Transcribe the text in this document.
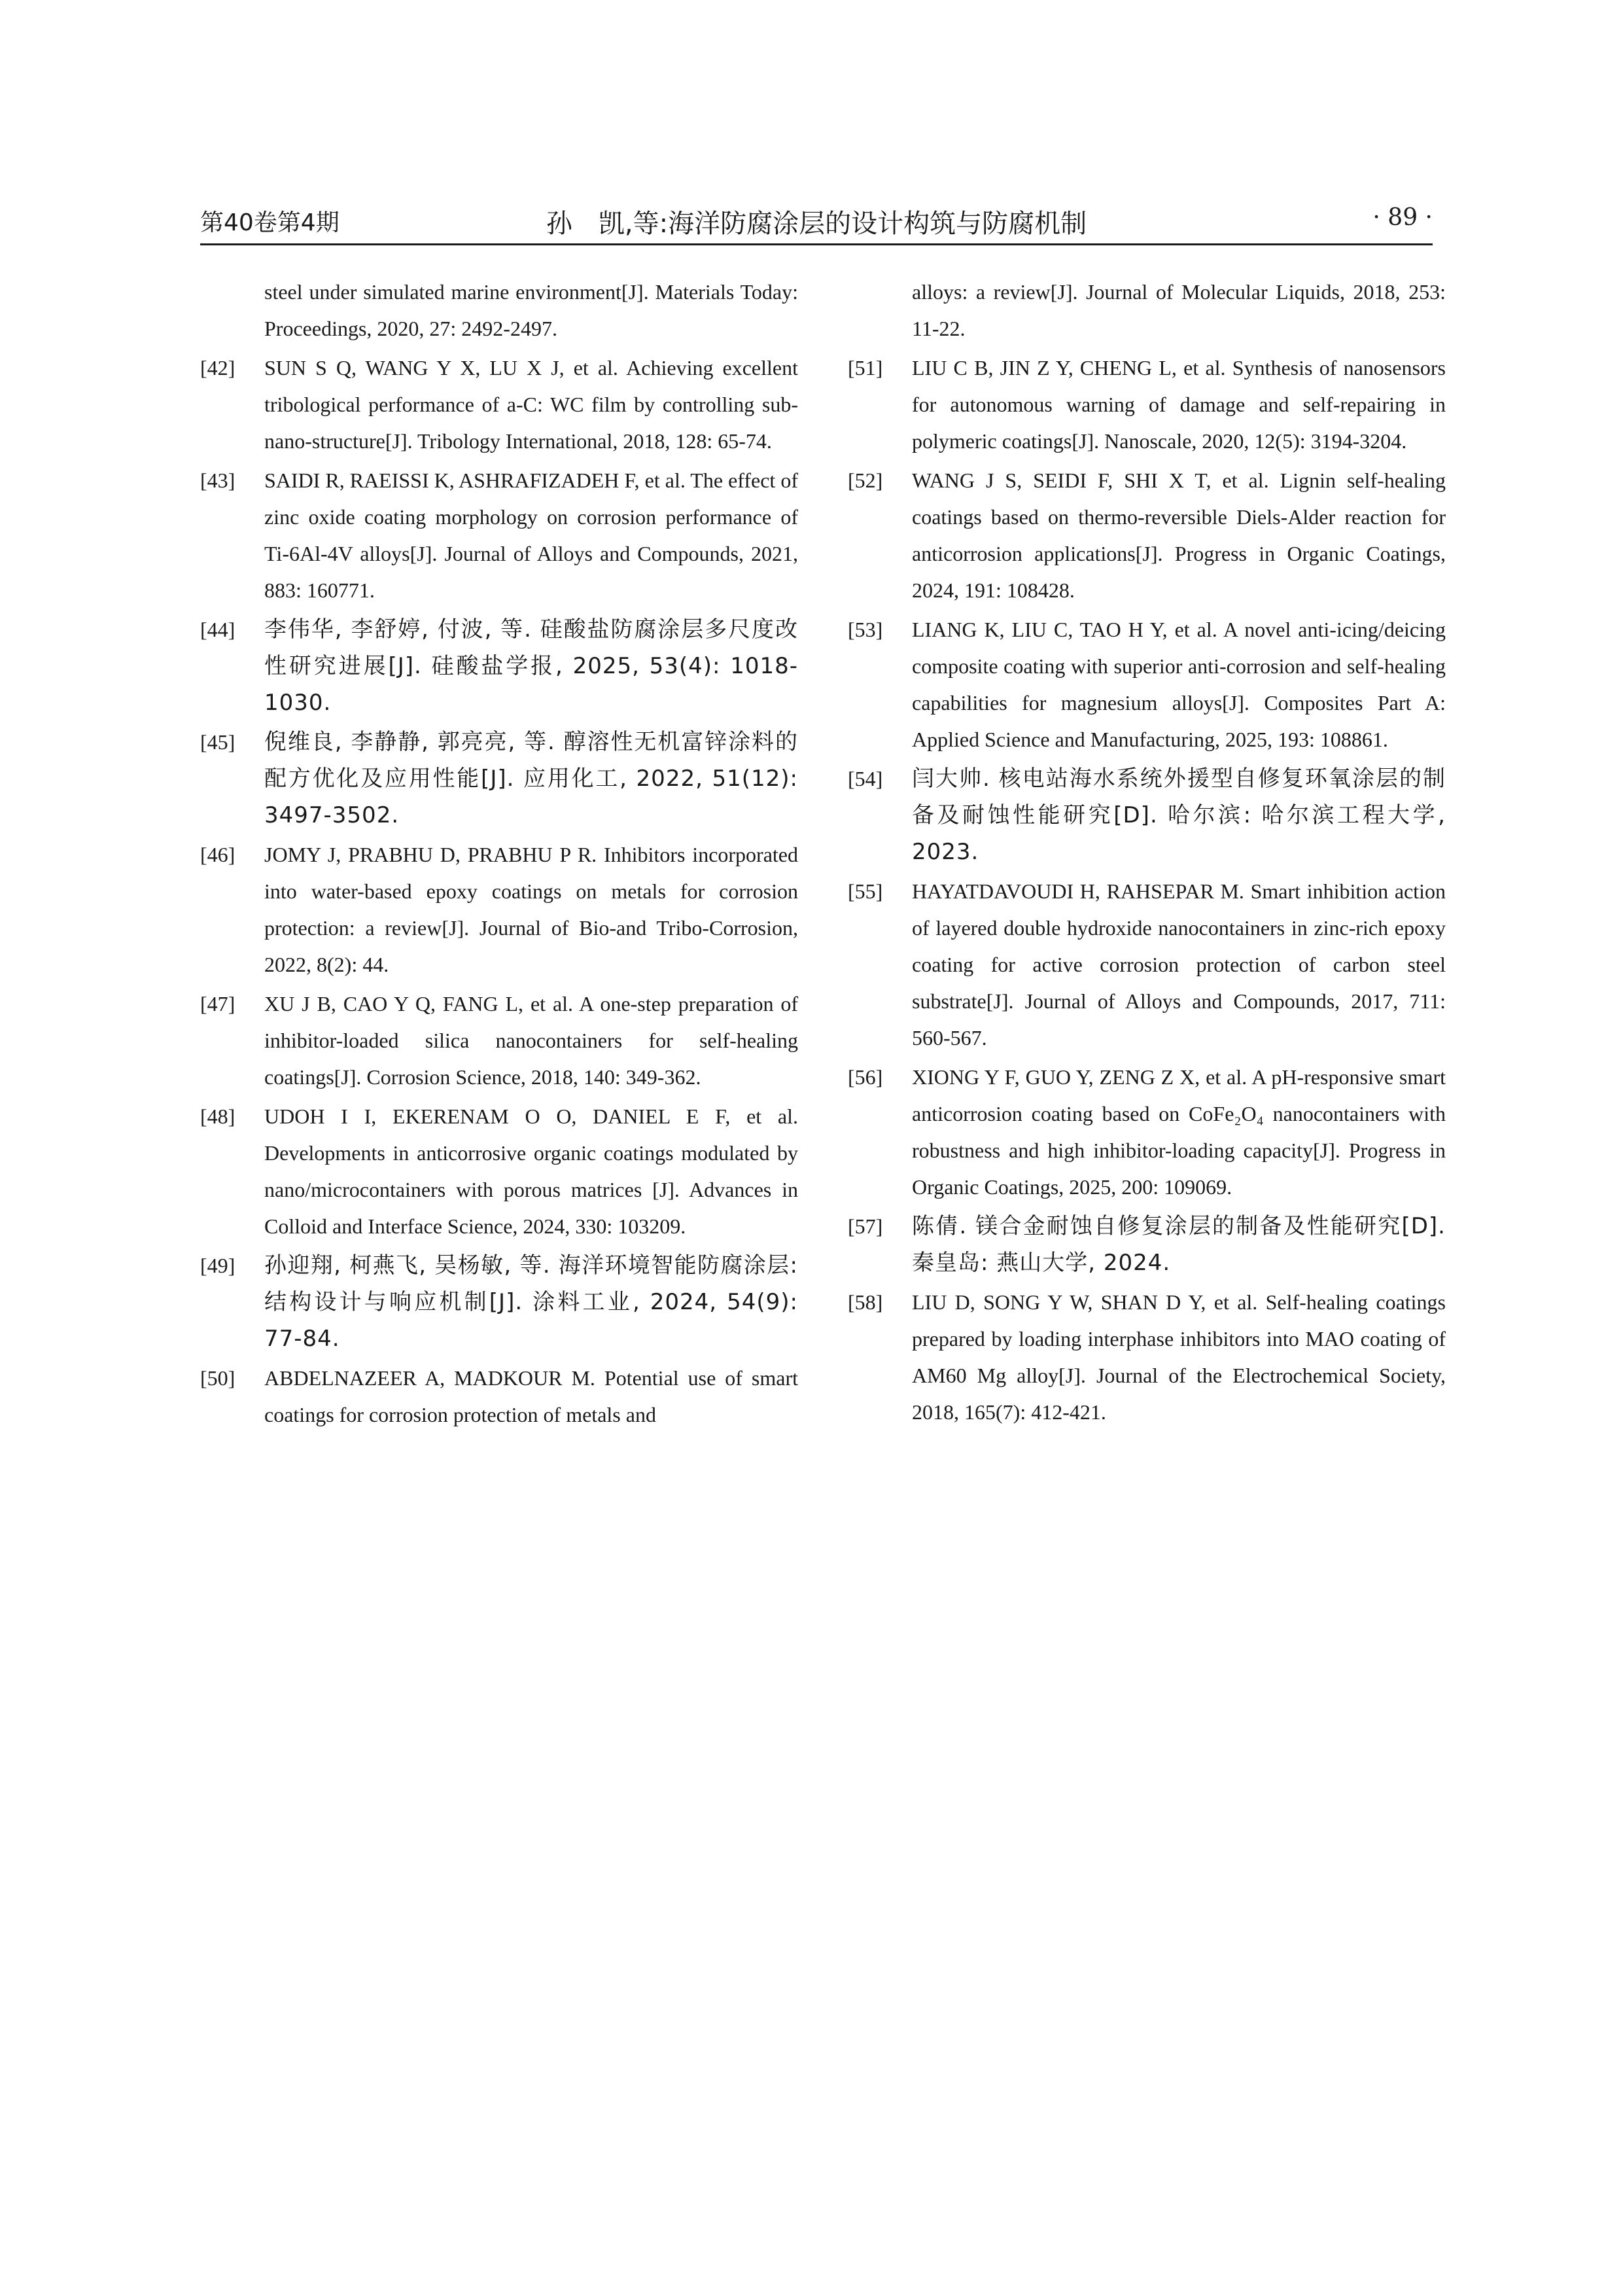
第40卷第4期	孙　凯,等:海洋防腐涂层的设计构筑与防腐机制	· 89 ·
steel under simulated marine environment[J]. Materials Today: Proceedings, 2020, 27: 2492-2497.
[42]	SUN S Q, WANG Y X, LU X J, et al. Achieving excellent tribological performance of a-C: WC film by controlling sub-nano-structure[J]. Tribology International, 2018, 128: 65-74.
[43]	SAIDI R, RAEISSI K, ASHRAFIZADEH F, et al. The effect of zinc oxide coating morphology on corrosion performance of Ti-6Al-4V alloys[J]. Journal of Alloys and Compounds, 2021, 883: 160771.
[44]	李伟华, 李舒婷, 付波, 等. 硅酸盐防腐涂层多尺度改性研究进展[J]. 硅酸盐学报, 2025, 53(4): 1018-1030.
[45]	倪维良, 李静静, 郭亮亮, 等. 醇溶性无机富锌涂料的配方优化及应用性能[J]. 应用化工, 2022, 51(12): 3497-3502.
[46]	JOMY J, PRABHU D, PRABHU P R. Inhibitors incorporated into water-based epoxy coatings on metals for corrosion protection: a review[J]. Journal of Bio-and Tribo-Corrosion, 2022, 8(2): 44.
[47]	XU J B, CAO Y Q, FANG L, et al. A one-step preparation of inhibitor-loaded silica nanocontainers for self-healing coatings[J]. Corrosion Science, 2018, 140: 349-362.
[48]	UDOH I I, EKERENAM O O, DANIEL E F, et al. Developments in anticorrosive organic coatings modulated by nano/microcontainers with porous matrices [J]. Advances in Colloid and Interface Science, 2024, 330: 103209.
[49]	孙迎翔, 柯燕飞, 吴杨敏, 等. 海洋环境智能防腐涂层: 结构设计与响应机制[J]. 涂料工业, 2024, 54(9): 77-84.
[50]	ABDELNAZEER A, MADKOUR M. Potential use of smart coatings for corrosion protection of metals and
alloys: a review[J]. Journal of Molecular Liquids, 2018, 253: 11-22.
[51]	LIU C B, JIN Z Y, CHENG L, et al. Synthesis of nanosensors for autonomous warning of damage and self-repairing in polymeric coatings[J]. Nanoscale, 2020, 12(5): 3194-3204.
[52]	WANG J S, SEIDI F, SHI X T, et al. Lignin self-healing coatings based on thermo-reversible Diels-Alder reaction for anticorrosion applications[J]. Progress in Organic Coatings, 2024, 191: 108428.
[53]	LIANG K, LIU C, TAO H Y, et al. A novel anti-icing/deicing composite coating with superior anti-corrosion and self-healing capabilities for magnesium alloys[J]. Composites Part A: Applied Science and Manufacturing, 2025, 193: 108861.
[54]	闫大帅. 核电站海水系统外援型自修复环氧涂层的制备及耐蚀性能研究[D]. 哈尔滨: 哈尔滨工程大学, 2023.
[55]	HAYATDAVOUDI H, RAHSEPAR M. Smart inhibition action of layered double hydroxide nanocontainers in zinc-rich epoxy coating for active corrosion protection of carbon steel substrate[J]. Journal of Alloys and Compounds, 2017, 711: 560-567.
[56]	XIONG Y F, GUO Y, ZENG Z X, et al. A pH-responsive smart anticorrosion coating based on CoFe₂O₄ nanocontainers with robustness and high inhibitor-loading capacity[J]. Progress in Organic Coatings, 2025, 200: 109069.
[57]	陈倩. 镁合金耐蚀自修复涂层的制备及性能研究[D]. 秦皇岛: 燕山大学, 2024.
[58]	LIU D, SONG Y W, SHAN D Y, et al. Self-healing coatings prepared by loading interphase inhibitors into MAO coating of AM60 Mg alloy[J]. Journal of the Electrochemical Society, 2018, 165(7): 412-421.
